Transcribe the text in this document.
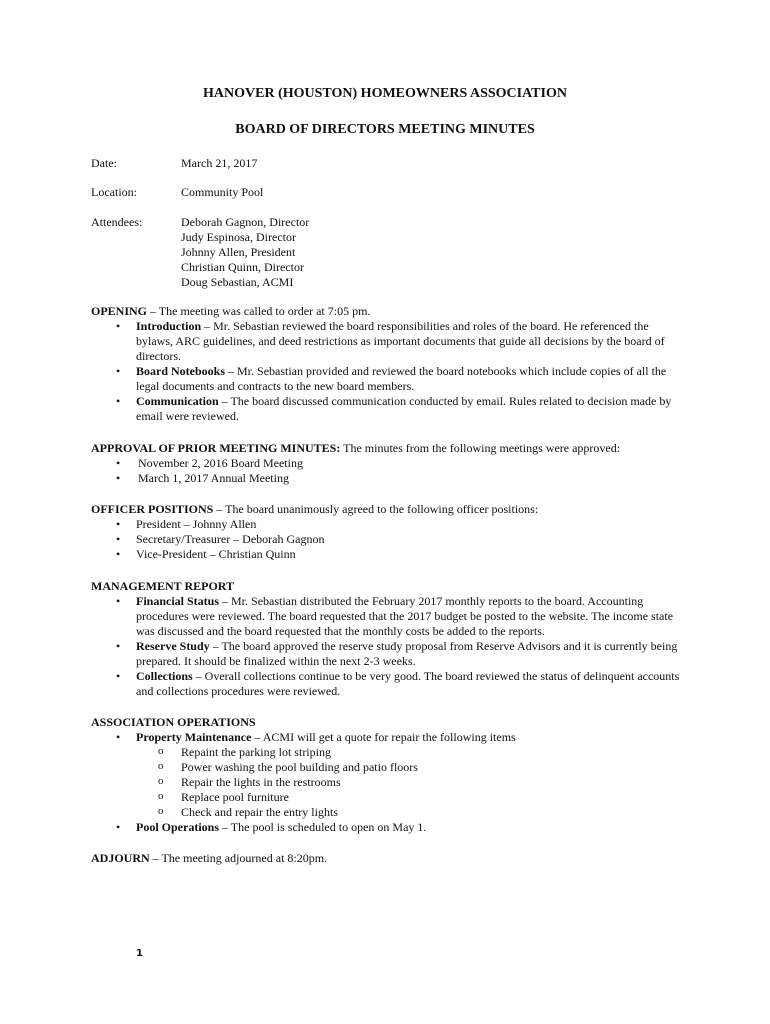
HANOVER (HOUSTON) HOMEOWNERS ASSOCIATION
BOARD OF DIRECTORS MEETING MINUTES
Date:	March 21, 2017
Location:	Community Pool
Attendees:	Deborah Gagnon, Director
Judy Espinosa, Director
Johnny Allen, President
Christian Quinn, Director
Doug Sebastian, ACMI

OPENING – The meeting was called to order at 7:05 pm.

• Introduction – Mr. Sebastian reviewed the board responsibilities and roles of the board. He referenced the bylaws, ARC guidelines, and deed restrictions as important documents that guide all decisions by the board of directors.
• Board Notebooks – Mr. Sebastian provided and reviewed the board notebooks which include copies of all the legal documents and contracts to the new board members.
• Communication – The board discussed communication conducted by email. Rules related to decision made by email were reviewed.

APPROVAL OF PRIOR MEETING MINUTES: The minutes from the following meetings were approved:

• November 2, 2016 Board Meeting
• March 1, 2017 Annual Meeting

OFFICER POSITIONS – The board unanimously agreed to the following officer positions:

• President – Johnny Allen
• Secretary/Treasurer – Deborah Gagnon
• Vice-President – Christian Quinn

MANAGEMENT REPORT

• Financial Status – Mr. Sebastian distributed the February 2017 monthly reports to the board. Accounting procedures were reviewed. The board requested that the 2017 budget be posted to the website. The income state was discussed and the board requested that the monthly costs be added to the reports.
• Reserve Study – The board approved the reserve study proposal from Reserve Advisors and it is currently being prepared. It should be finalized within the next 2-3 weeks.
• Collections – Overall collections continue to be very good. The board reviewed the status of delinquent accounts and collections procedures were reviewed.

ASSOCIATION OPERATIONS

• Property Maintenance – ACMI will get a quote for repair the following items
o Repaint the parking lot striping
o Power washing the pool building and patio floors
o Repair the lights in the restrooms
o Replace pool furniture
o Check and repair the entry lights
• Pool Operations – The pool is scheduled to open on May 1.

ADJOURN – The meeting adjourned at 8:20pm.

1
